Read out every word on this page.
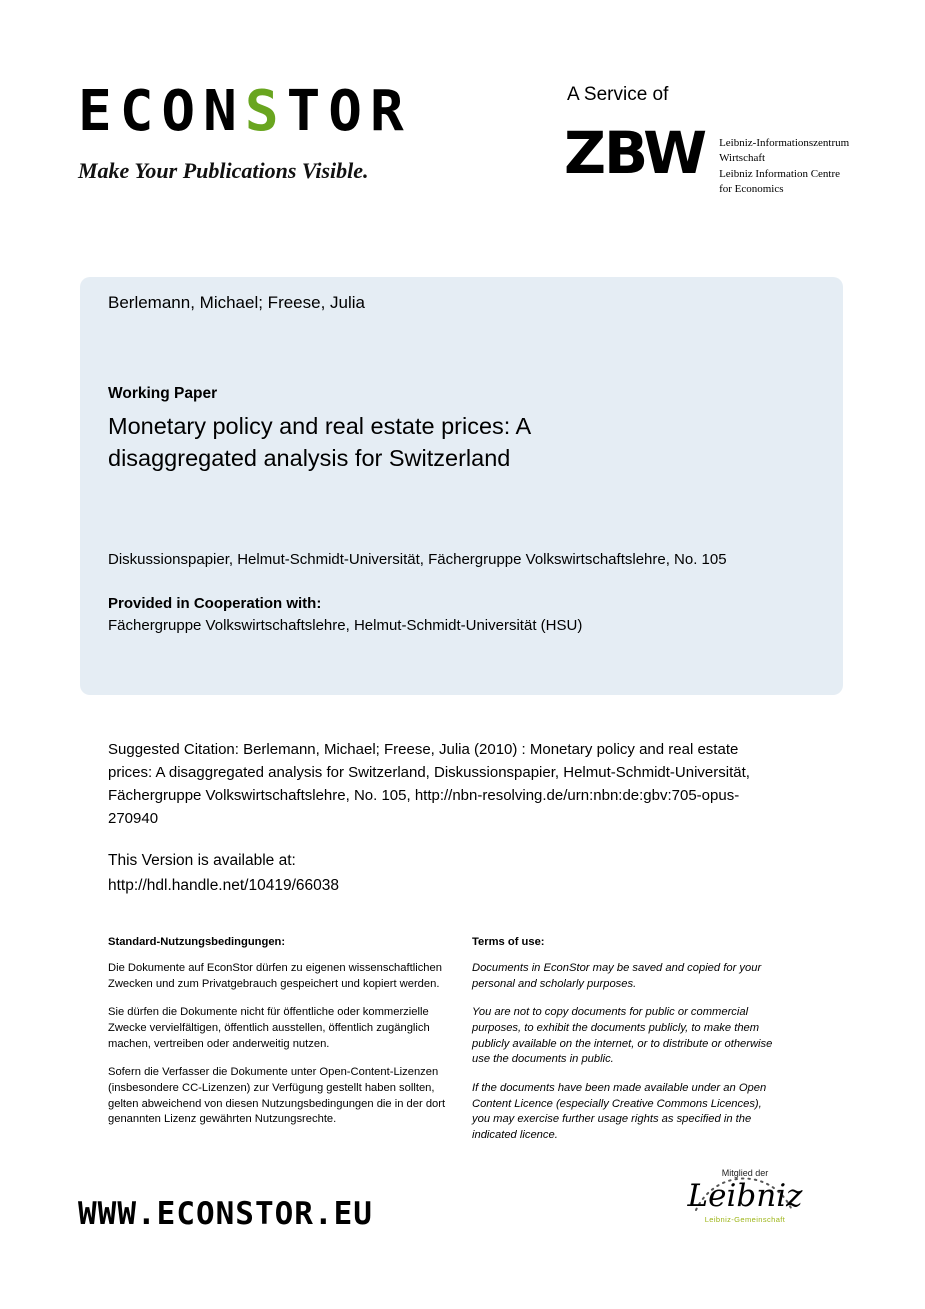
ECONSTOR
Make Your Publications Visible.
A Service of
ZBW Leibniz-Informationszentrum
Wirtschaft
Leibniz Information Centre
for Economics
Berlemann, Michael; Freese, Julia
Working Paper
Monetary policy and real estate prices: A disaggregated analysis for Switzerland
Diskussionspapier, Helmut-Schmidt-Universität, Fächergruppe Volkswirtschaftslehre, No. 105
Provided in Cooperation with:
Fächergruppe Volkswirtschaftslehre, Helmut-Schmidt-Universität (HSU)
Suggested Citation: Berlemann, Michael; Freese, Julia (2010) : Monetary policy and real estate prices: A disaggregated analysis for Switzerland, Diskussionspapier, Helmut-Schmidt-Universität, Fächergruppe Volkswirtschaftslehre, No. 105, http://nbn-resolving.de/urn:nbn:de:gbv:705-opus-270940
This Version is available at:
http://hdl.handle.net/10419/66038
Standard-Nutzungsbedingungen:

Die Dokumente auf EconStor dürfen zu eigenen wissenschaftlichen Zwecken und zum Privatgebrauch gespeichert und kopiert werden.

Sie dürfen die Dokumente nicht für öffentliche oder kommerzielle Zwecke vervielfältigen, öffentlich ausstellen, öffentlich zugänglich machen, vertreiben oder anderweitig nutzen.

Sofern die Verfasser die Dokumente unter Open-Content-Lizenzen (insbesondere CC-Lizenzen) zur Verfügung gestellt haben sollten, gelten abweichend von diesen Nutzungsbedingungen die in der dort genannten Lizenz gewährten Nutzungsrechte.

Terms of use:

Documents in EconStor may be saved and copied for your personal and scholarly purposes.

You are not to copy documents for public or commercial purposes, to exhibit the documents publicly, to make them publicly available on the internet, or to distribute or otherwise use the documents in public.

If the documents have been made available under an Open Content Licence (especially Creative Commons Licences), you may exercise further usage rights as specified in the indicated licence.

WWW.ECONSTOR.EU
Mitglied der
Leibniz
Leibniz-Gemeinschaft
